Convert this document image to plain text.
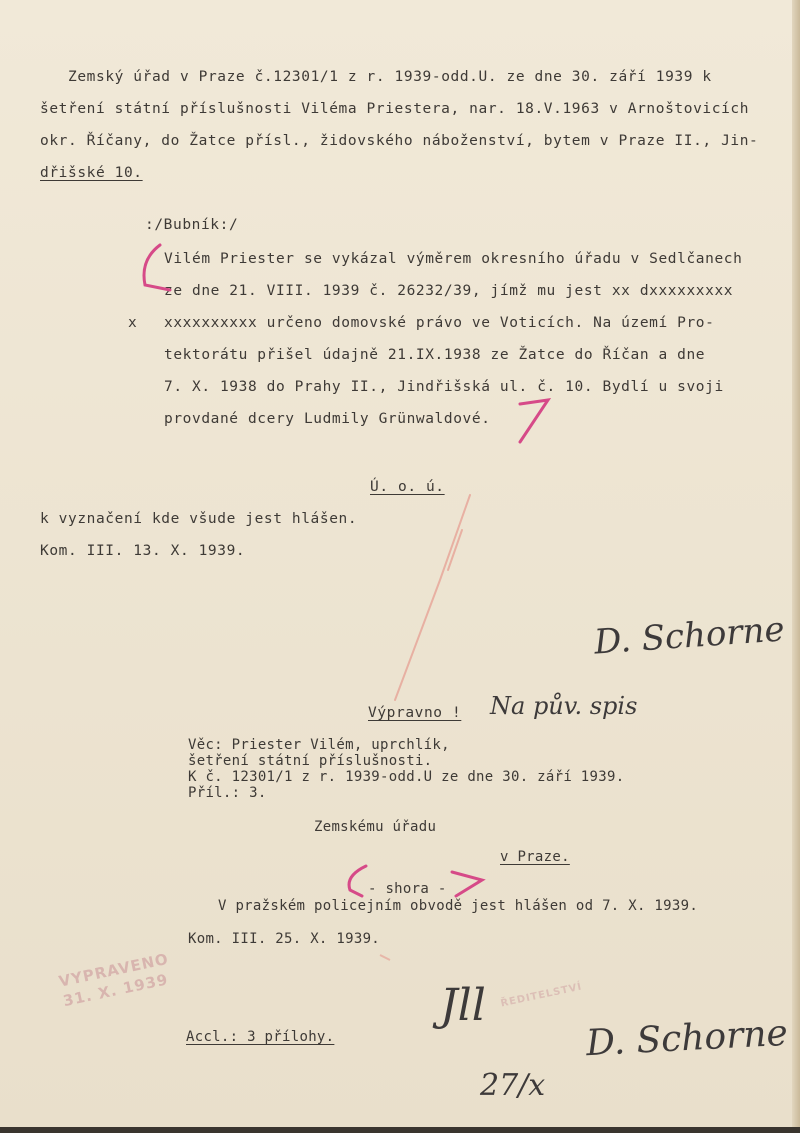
Zemský úřad v Praze č.12301/1 z r. 1939-odd.U. ze dne 30. září 1939 k
šetření státní příslušnosti Viléma Priestera, nar. 18.V.1963 v Arnoštovicích
okr. Říčany, do Žatce přísl., židovského náboženství, bytem v Praze II., Jin-
dřišské 10.
:/Bubník:/
Vilém Priester se vykázal výměrem okresního úřadu v Sedlčanech
ze dne 21. VIII. 1939 č. 26232/39, jímž mu jest xx dxxxxxxxxx
x xxxxxxxxxx určeno domovské právo ve Voticích. Na území Pro-
tektorátu přišel údajně 21.IX.1938 ze Žatce do Říčan a dne
7. X. 1938 do Prahy II., Jindřišská ul. č. 10. Bydlí u svoji
provdané dcery Ludmily Grünwaldové.
Ú. o. ú.
k vyznačení kde všude jest hlášen.
Kom. III. 13. X. 1939.
Výpravno ! Na pův. spis
Věc: Priester Vilém, uprchlík,
šetření státní příslušnosti.
K č. 12301/1 z r. 1939-odd.U ze dne 30. září 1939.
Příl.: 3.
Zemskému úřadu
v Praze.
- shora -
V pražském policejním obvodě jest hlášen od 7. X. 1939.
Kom. III. 25. X. 1939.
Accl.: 3 přílohy.
VYPRAVENO
31. X. 1939	ŘEDITELSTVÍ
D. Schorne
D. Schorne
Jll
27/x
